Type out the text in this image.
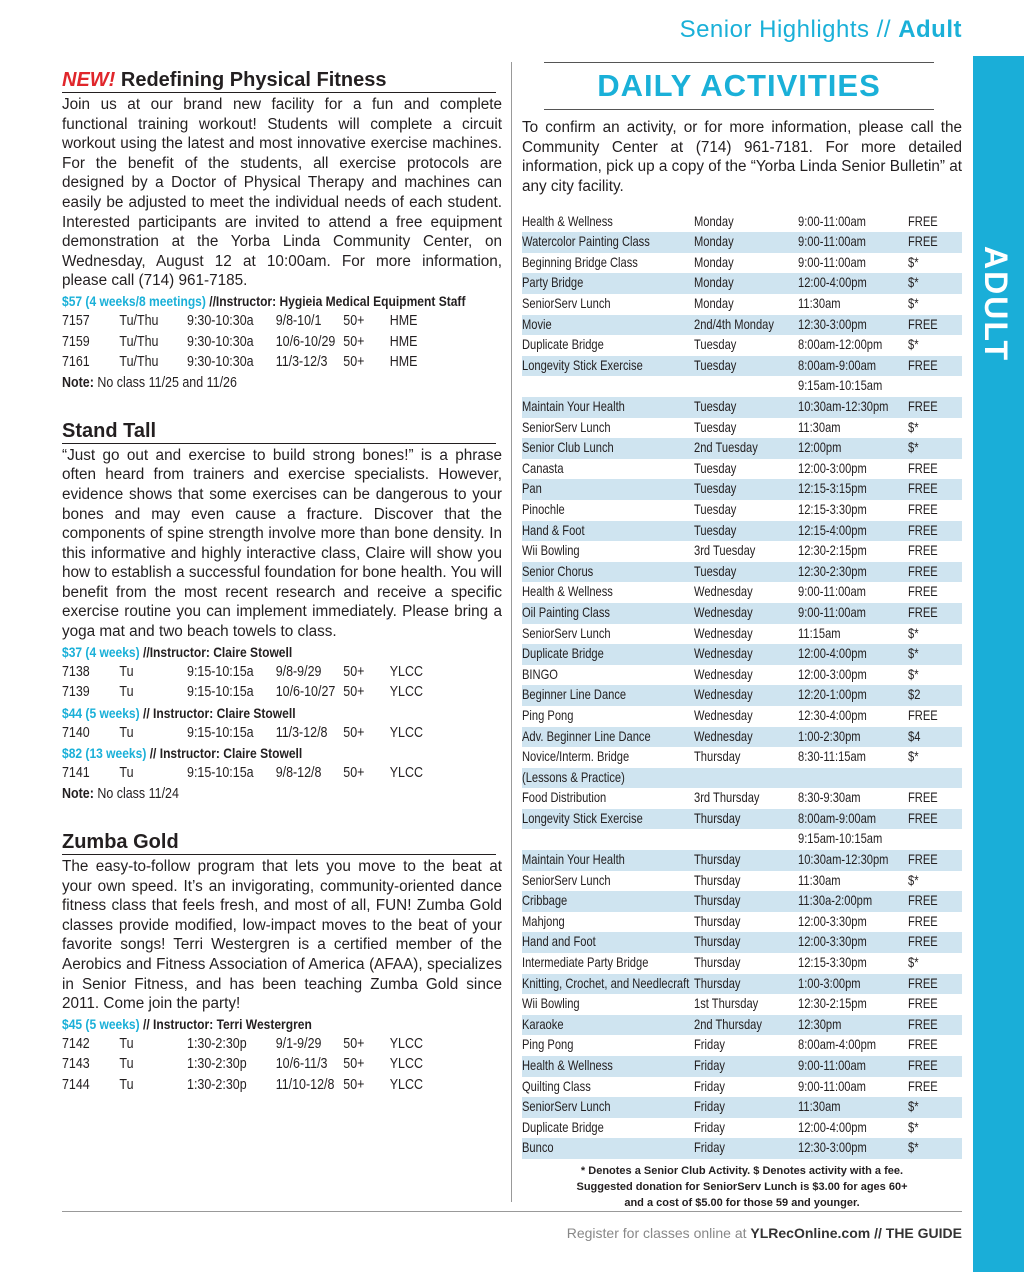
Senior Highlights // Adult
ADULT
NEW! Redefining Physical Fitness

Join us at our brand new facility for a fun and complete functional training workout! Students will complete a circuit workout using the latest and most innovative exercise machines. For the benefit of the students, all exercise protocols are designed by a Doctor of Physical Therapy and machines can easily be adjusted to meet the individual needs of each student. Interested participants are invited to attend a free equipment demonstration at the Yorba Linda Community Center, on Wednesday, August 12 at 10:00am. For more information, please call (714) 961-7185.

$57 (4 weeks/8 meetings) //Instructor: Hygieia Medical Equipment Staff
7157	Tu/Thu	9:30-10:30a	9/8-10/1	50+	HME
7159	Tu/Thu	9:30-10:30a	10/6-10/29 50+	HME
7161	Tu/Thu	9:30-10:30a	11/3-12/3	50+	HME
Note: No class 11/25 and 11/26
Stand Tall

“Just go out and exercise to build strong bones!” is a phrase often heard from trainers and exercise specialists. However, evidence shows that some exercises can be dangerous to your bones and may even cause a fracture. Discover that the components of spine strength involve more than bone density. In this informative and highly interactive class, Claire will show you how to establish a successful foundation for bone health. You will benefit from the most recent research and receive a specific exercise routine you can implement immediately. Please bring a yoga mat and two beach towels to class.

$37 (4 weeks) //Instructor: Claire Stowell
7138	Tu	9:15-10:15a	9/8-9/29	50+	YLCC
7139	Tu	9:15-10:15a	10/6-10/27 50+	YLCC
$44 (5 weeks) // Instructor: Claire Stowell
7140	Tu	9:15-10:15a	11/3-12/8	50+	YLCC
$82 (13 weeks) // Instructor: Claire Stowell
7141	Tu	9:15-10:15a	9/8-12/8	50+	YLCC
Note: No class 11/24
Zumba Gold

The easy-to-follow program that lets you move to the beat at your own speed. It’s an invigorating, community-oriented dance fitness class that feels fresh, and most of all, FUN! Zumba Gold classes provide modified, low-impact moves to the beat of your favorite songs! Terri Westergren is a certified member of the Aerobics and Fitness Association of America (AFAA), specializes in Senior Fitness, and has been teaching Zumba Gold since 2011. Come join the party!

$45 (5 weeks) // Instructor: Terri Westergren
7142	Tu	1:30-2:30p	9/1-9/29	50+	YLCC
7143	Tu	1:30-2:30p	10/6-11/3	50+	YLCC
7144	Tu	1:30-2:30p	11/10-12/8 50+	YLCC
DAILY ACTIVITIES

To confirm an activity, or for more information, please call the Community Center at (714) 961-7181. For more detailed information, pick up a copy of the “Yorba Linda Senior Bulletin” at any city facility.

Health & Wellness	Monday	9:00-11:00am	FREE
Watercolor Painting Class	Monday	9:00-11:00am	FREE
Beginning Bridge Class	Monday	9:00-11:00am	$*
Party Bridge	Monday	12:00-4:00pm	$*
SeniorServ Lunch	Monday	11:30am	$*
Movie	2nd/4th Monday 12:30-3:00pm	FREE
Duplicate Bridge	Tuesday	8:00am-12:00pm $*
Longevity Stick Exercise	Tuesday	8:00am-9:00am FREE
9:15am-10:15am
Maintain Your Health	Tuesday	10:30am-12:30pm FREE
SeniorServ Lunch	Tuesday	11:30am	$*
Senior Club Lunch	2nd Tuesday	12:00pm	$*
Canasta	Tuesday	12:00-3:00pm	FREE
Pan	Tuesday	12:15-3:15pm	FREE
Pinochle	Tuesday	12:15-3:30pm	FREE
Hand & Foot	Tuesday	12:15-4:00pm	FREE
Wii Bowling	3rd Tuesday	12:30-2:15pm	FREE
Senior Chorus	Tuesday	12:30-2:30pm	FREE
Health & Wellness	Wednesday	9:00-11:00am	FREE
Oil Painting Class	Wednesday	9:00-11:00am	FREE
SeniorServ Lunch	Wednesday	11:15am	$*
Duplicate Bridge	Wednesday	12:00-4:00pm	$*
BINGO	Wednesday	12:00-3:00pm	$*
Beginner Line Dance	Wednesday	12:20-1:00pm	$2
Ping Pong	Wednesday	12:30-4:00pm	FREE
Adv. Beginner Line Dance	Wednesday	1:00-2:30pm	$4
Novice/Interm. Bridge	Thursday	8:30-11:15am	$*
(Lessons & Practice)
Food Distribution	3rd Thursday	8:30-9:30am	FREE
Longevity Stick Exercise	Thursday	8:00am-9:00am FREE
9:15am-10:15am
Maintain Your Health	Thursday	10:30am-12:30pm FREE
SeniorServ Lunch	Thursday	11:30am	$*
Cribbage	Thursday	11:30a-2:00pm	FREE
Mahjong	Thursday	12:00-3:30pm	FREE
Hand and Foot	Thursday	12:00-3:30pm	FREE
Intermediate Party Bridge	Thursday	12:15-3:30pm	$*
Knitting, Crochet, and Needlecraft Thursday	1:00-3:00pm	FREE
Wii Bowling	1st Thursday	12:30-2:15pm	FREE
Karaoke	2nd Thursday	12:30pm	FREE
Ping Pong	Friday	8:00am-4:00pm FREE
Health & Wellness	Friday	9:00-11:00am	FREE
Quilting Class	Friday	9:00-11:00am	FREE
SeniorServ Lunch	Friday	11:30am	$*
Duplicate Bridge	Friday	12:00-4:00pm	$*
Bunco	Friday	12:30-3:00pm	$*
* Denotes a Senior Club Activity. $ Denotes activity with a fee.
Suggested donation for SeniorServ Lunch is $3.00 for ages 60+
and a cost of $5.00 for those 59 and younger.
Register for classes online at YLRecOnline.com // THE GUIDE 41
